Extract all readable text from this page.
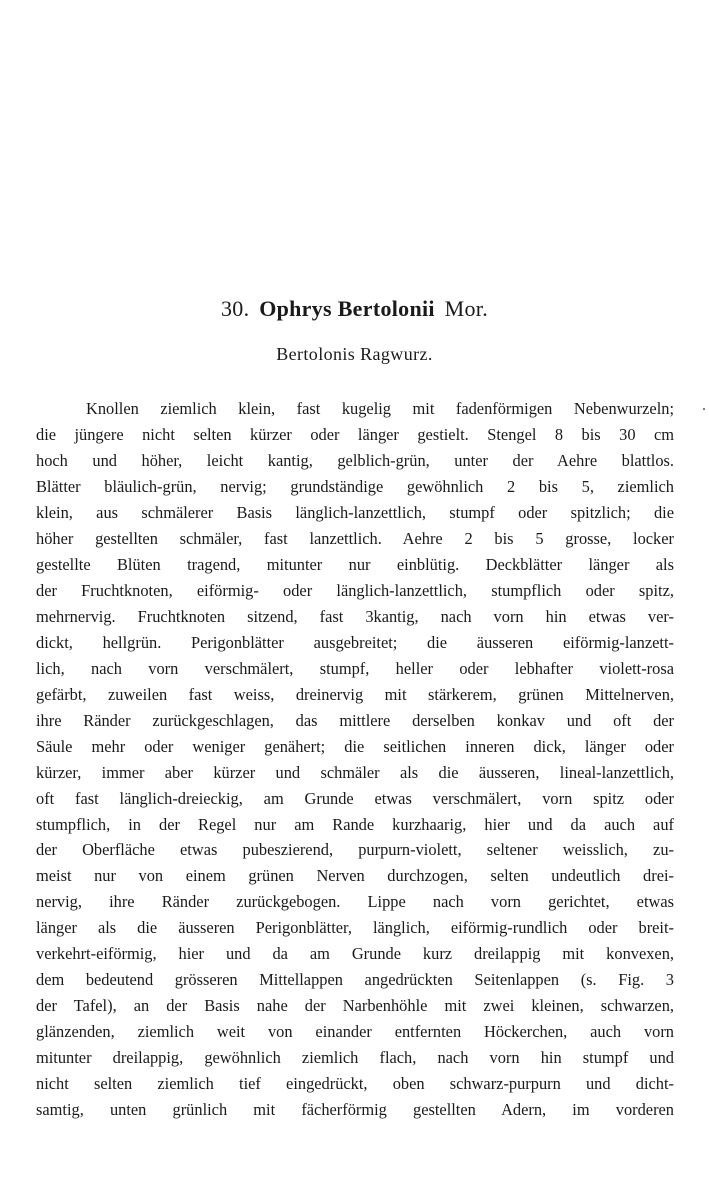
30. Ophrys Bertolonii Mor.
Bertolonis Ragwurz.
Knollen ziemlich klein, fast kugelig mit fadenförmigen Nebenwurzeln;
die jüngere nicht selten kürzer oder länger gestielt. Stengel 8 bis 30 cm
hoch und höher, leicht kantig, gelblich-grün, unter der Aehre blattlos.
Blätter bläulich-grün, nervig; grundständige gewöhnlich 2 bis 5, ziemlich
klein, aus schmälerer Basis länglich-lanzettlich, stumpf oder spitzlich; die
höher gestellten schmäler, fast lanzettlich. Aehre 2 bis 5 grosse, locker
gestellte Blüten tragend, mitunter nur einblütig. Deckblätter länger als
der Fruchtknoten, eiförmig- oder länglich-lanzettlich, stumpflich oder spitz,
mehrnervig. Fruchtknoten sitzend, fast 3kantig, nach vorn hin etwas ver-
dickt, hellgrün. Perigonblätter ausgebreitet; die äusseren eiförmig-lanzett-
lich, nach vorn verschmälert, stumpf, heller oder lebhafter violett-rosa
gefärbt, zuweilen fast weiss, dreinervig mit stärkerem, grünen Mittelnerven,
ihre Ränder zurückgeschlagen, das mittlere derselben konkav und oft der
Säule mehr oder weniger genähert; die seitlichen inneren dick, länger oder
kürzer, immer aber kürzer und schmäler als die äusseren, lineal-lanzettlich,
oft fast länglich-dreieckig, am Grunde etwas verschmälert, vorn spitz oder
stumpflich, in der Regel nur am Rande kurzhaarig, hier und da auch auf
der Oberfläche etwas pubeszierend, purpurn-violett, seltener weisslich, zu-
meist nur von einem grünen Nerven durchzogen, selten undeutlich drei-
nervig, ihre Ränder zurückgebogen. Lippe nach vorn gerichtet, etwas
länger als die äusseren Perigonblätter, länglich, eiförmig-rundlich oder breit-
verkehrt-eiförmig, hier und da am Grunde kurz dreilappig mit konvexen,
dem bedeutend grösseren Mittellappen angedrückten Seitenlappen (s. Fig. 3
der Tafel), an der Basis nahe der Narbenhöhle mit zwei kleinen, schwarzen,
glänzenden, ziemlich weit von einander entfernten Höckerchen, auch vorn
mitunter dreilappig, gewöhnlich ziemlich flach, nach vorn hin stumpf und
nicht selten ziemlich tief eingedrückt, oben schwarz-purpurn und dicht-
samtig, unten grünlich mit fächerförmig gestellten Adern, im vorderen
